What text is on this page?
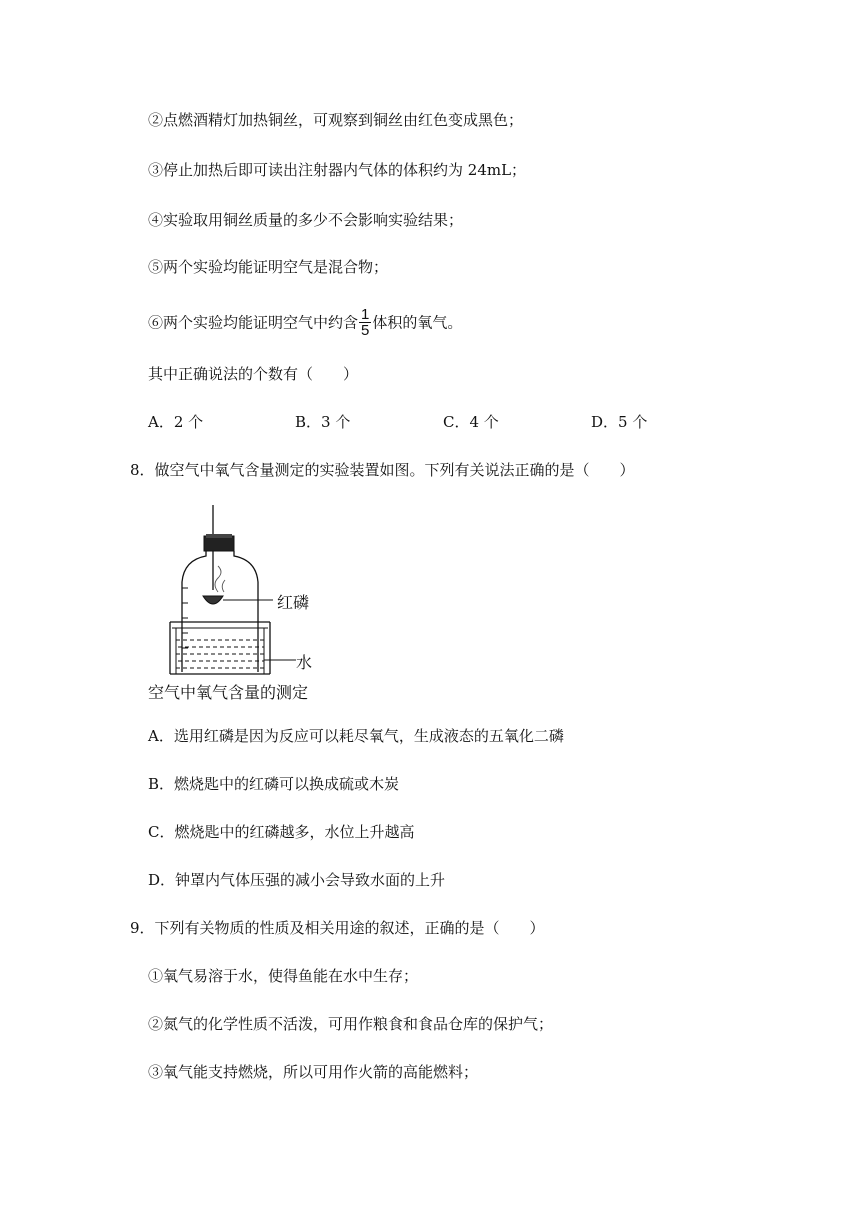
②点燃酒精灯加热铜丝，可观察到铜丝由红色变成黑色；
③停止加热后即可读出注射器内气体的体积约为 24mL；
④实验取用铜丝质量的多少不会影响实验结果；
⑤两个实验均能证明空气是混合物；
⑥两个实验均能证明空气中约含 $\frac{1}{5}$ 体积的氧气。
其中正确说法的个数有（　　）
A．2 个	B．3 个	C．4 个	D．5 个
8．做空气中氧气含量测定的实验装置如图。下列有关说法正确的是（　　）
红磷
水
空气中氧气含量的测定
A．选用红磷是因为反应可以耗尽氧气，生成液态的五氧化二磷
B．燃烧匙中的红磷可以换成硫或木炭
C．燃烧匙中的红磷越多，水位上升越高
D．钟罩内气体压强的减小会导致水面的上升
9．下列有关物质的性质及相关用途的叙述，正确的是（　　）
①氧气易溶于水，使得鱼能在水中生存；
②氮气的化学性质不活泼，可用作粮食和食品仓库的保护气；
③氧气能支持燃烧，所以可用作火箭的高能燃料；
